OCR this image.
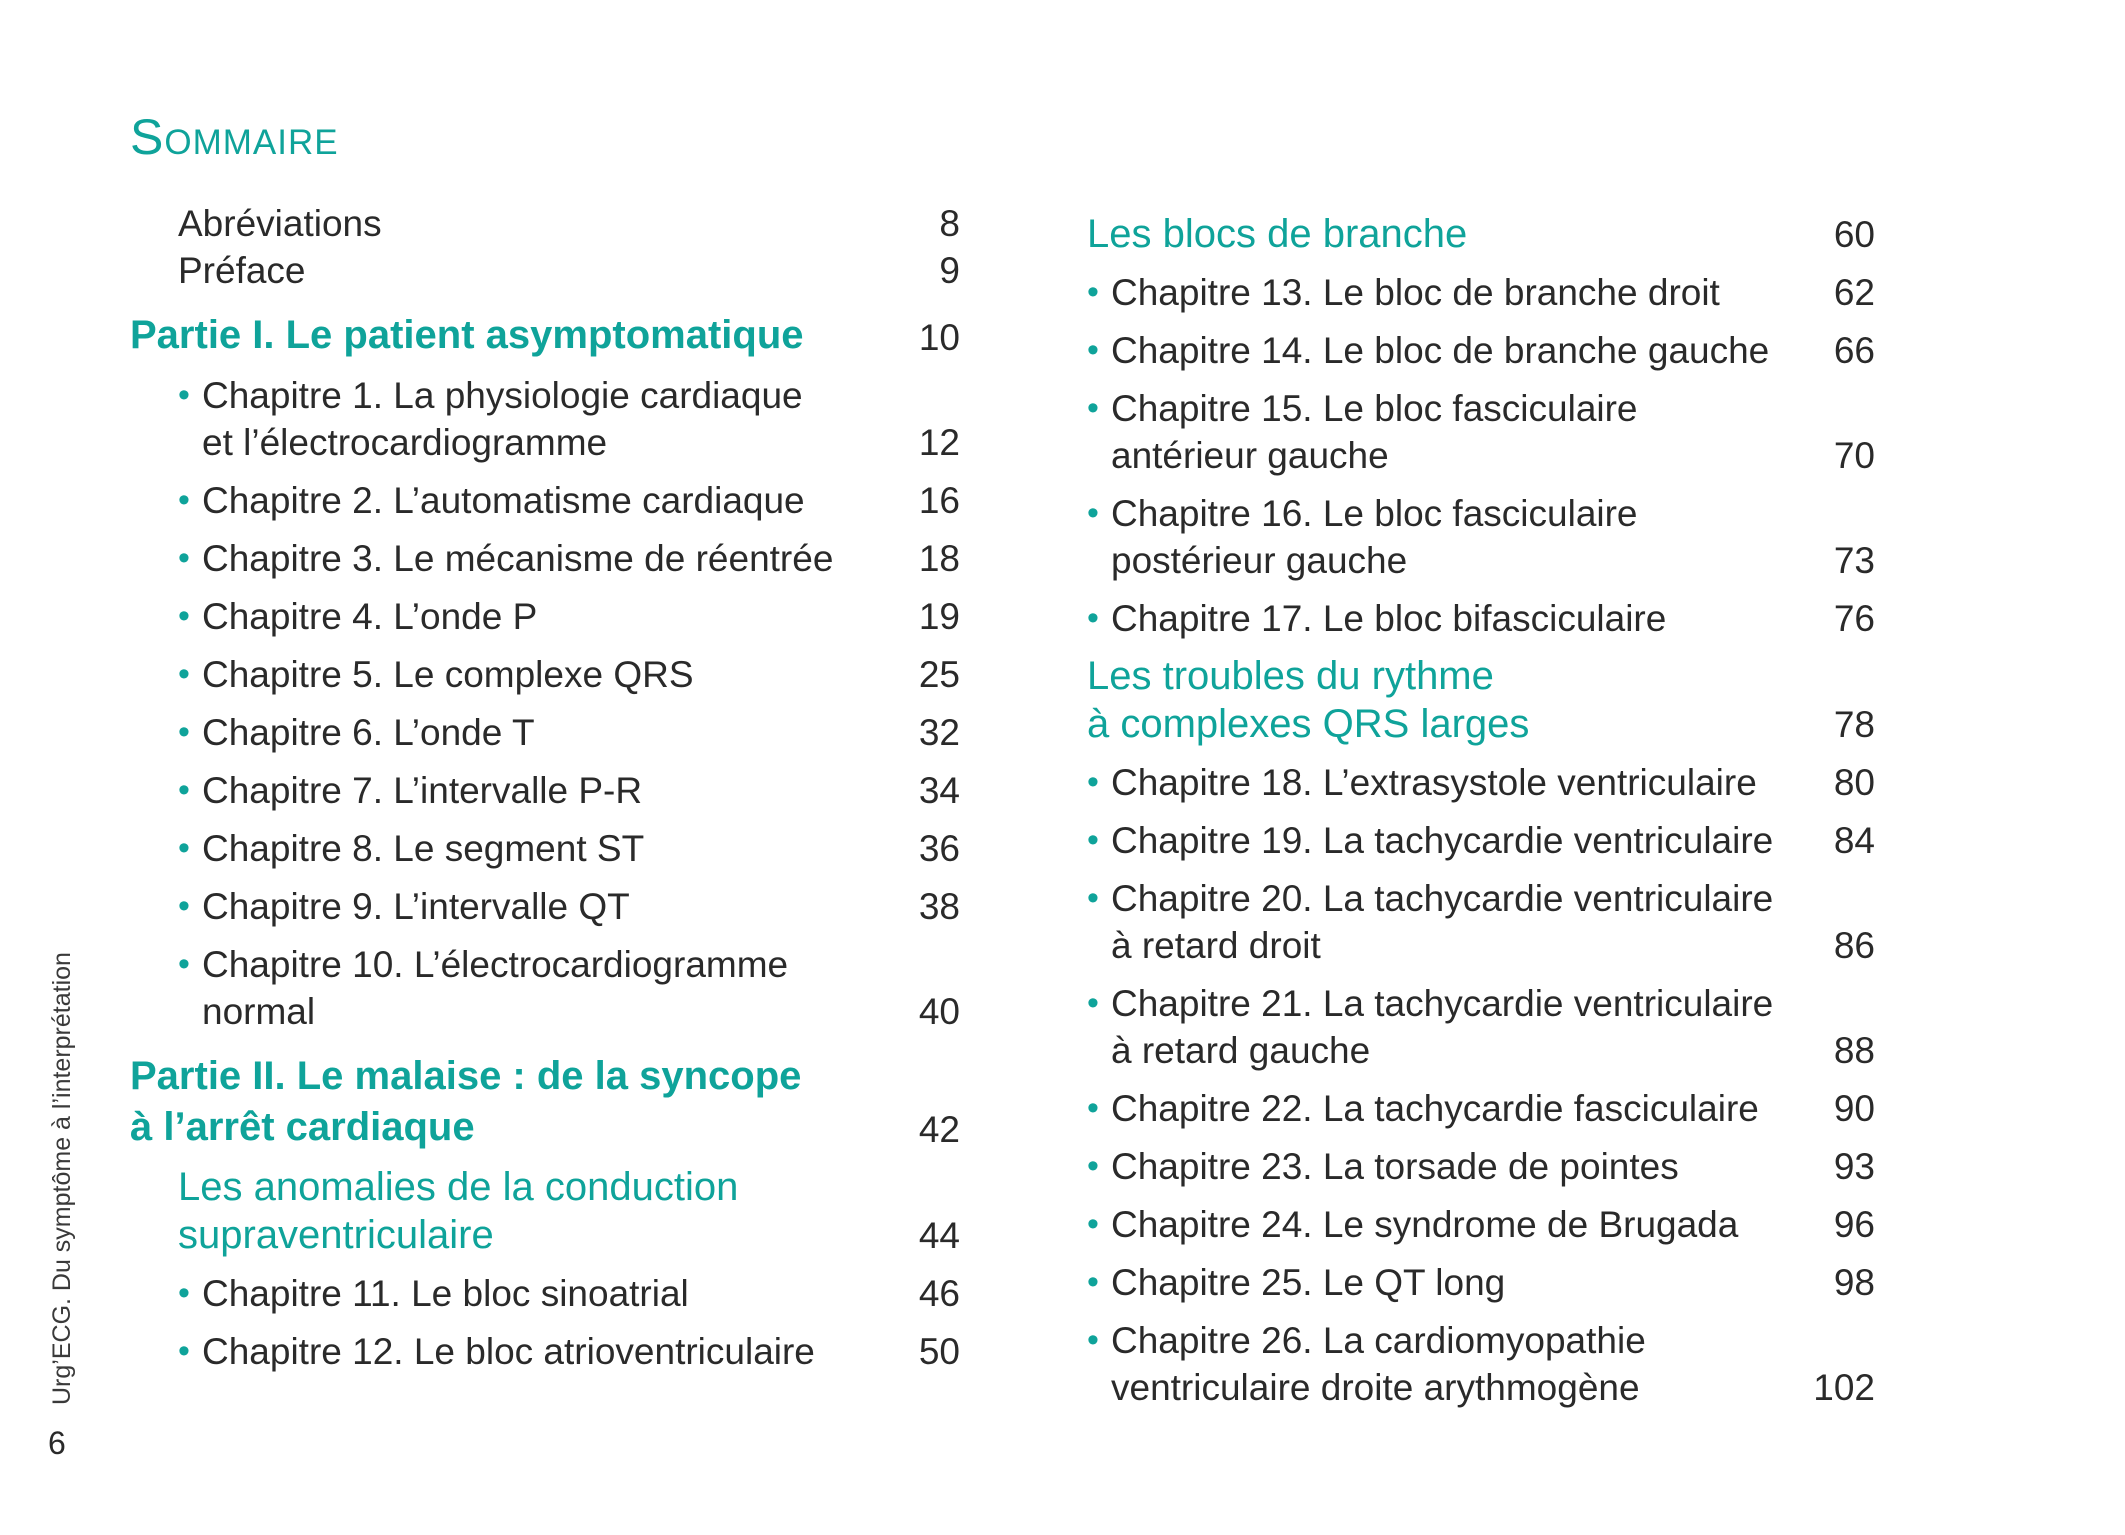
Sommaire
Abréviations	8
Préface	9
Partie I. Le patient asymptomatique	10
• Chapitre 1. La physiologie cardiaque
et l’électrocardiogramme	12
• Chapitre 2. L’automatisme cardiaque	16
• Chapitre 3. Le mécanisme de réentrée	18
• Chapitre 4. L’onde P	19
• Chapitre 5. Le complexe QRS	25
• Chapitre 6. L’onde T	32
• Chapitre 7. L’intervalle P-R	34
• Chapitre 8. Le segment ST	36
• Chapitre 9. L’intervalle QT	38
• Chapitre 10. L’électrocardiogramme
normal	40
Partie II. Le malaise : de la syncope
à l’arrêt cardiaque	42
Les anomalies de la conduction
supraventriculaire	44
• Chapitre 11. Le bloc sinoatrial	46
• Chapitre 12. Le bloc atrioventriculaire	50
Les blocs de branche	60
• Chapitre 13. Le bloc de branche droit	62
• Chapitre 14. Le bloc de branche gauche	66
• Chapitre 15. Le bloc fasciculaire
antérieur gauche	70
• Chapitre 16. Le bloc fasciculaire
postérieur gauche	73
• Chapitre 17. Le bloc bifasciculaire	76
Les troubles du rythme
à complexes QRS larges	78
• Chapitre 18. L’extrasystole ventriculaire	80
• Chapitre 19. La tachycardie ventriculaire	84
• Chapitre 20. La tachycardie ventriculaire
à retard droit	86
• Chapitre 21. La tachycardie ventriculaire
à retard gauche	88
• Chapitre 22. La tachycardie fasciculaire	90
• Chapitre 23. La torsade de pointes	93
• Chapitre 24. Le syndrome de Brugada	96
• Chapitre 25. Le QT long	98
• Chapitre 26. La cardiomyopathie
ventriculaire droite arythmogène	102
Urg’ECG. Du symptôme à l’interprétation
6
